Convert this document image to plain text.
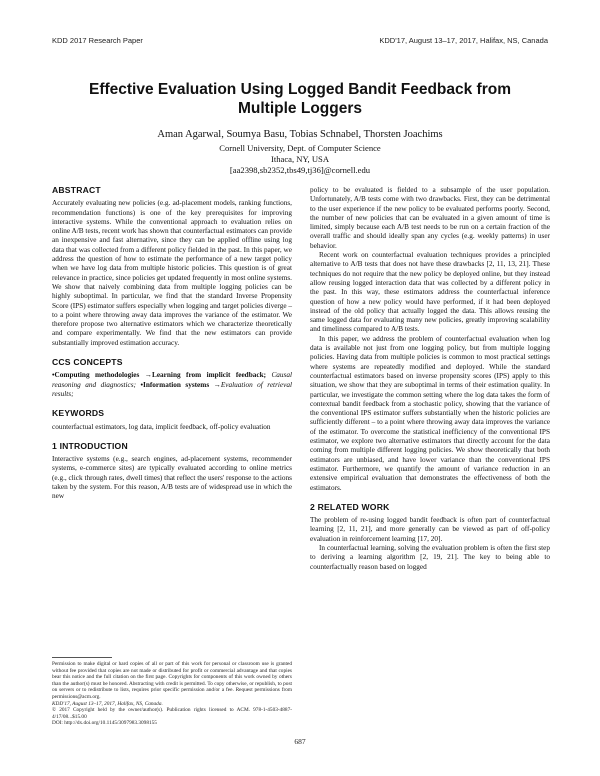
KDD 2017 Research Paper	KDD'17, August 13–17, 2017, Halifax, NS, Canada
Effective Evaluation Using Logged Bandit Feedback from Multiple Loggers
Aman Agarwal, Soumya Basu, Tobias Schnabel, Thorsten Joachims
Cornell University, Dept. of Computer Science
Ithaca, NY, USA
[aa2398,sb2352,tbs49,tj36]@cornell.edu
ABSTRACT

Accurately evaluating new policies (e.g. ad-placement models, ranking functions, recommendation functions) is one of the key prerequisites for improving interactive systems. While the conventional approach to evaluation relies on online A/B tests, recent work has shown that counterfactual estimators can provide an inexpensive and fast alternative, since they can be applied offline using log data that was collected from a different policy fielded in the past. In this paper, we address the question of how to estimate the performance of a new target policy when we have log data from multiple historic policies. This question is of great relevance in practice, since policies get updated frequently in most online systems. We show that naively combining data from multiple logging policies can be highly suboptimal. In particular, we find that the standard Inverse Propensity Score (IPS) estimator suffers especially when logging and target policies diverge – to a point where throwing away data improves the variance of the estimator. We therefore propose two alternative estimators which we characterize theoretically and compare experimentally. We find that the new estimators can provide substantially improved estimation accuracy.

CCS CONCEPTS

•Computing methodologies →Learning from implicit feedback; Causal reasoning and diagnostics; •Information systems →Evaluation of retrieval results;

KEYWORDS

counterfactual estimators, log data, implicit feedback, off-policy evaluation

1 INTRODUCTION

Interactive systems (e.g., search engines, ad-placement systems, recommender systems, e-commerce sites) are typically evaluated according to online metrics (e.g., click through rates, dwell times) that reflect the users' response to the actions taken by the system. For this reason, A/B tests are of widespread use in which the new

Permission to make digital or hard copies of all or part of this work for personal or classroom use is granted without fee provided that copies are not made or distributed for profit or commercial advantage and that copies bear this notice and the full citation on the first page. Copyrights for components of this work owned by others than the author(s) must be honored. Abstracting with credit is permitted. To copy otherwise, or republish, to post on servers or to redistribute to lists, requires prior specific permission and/or a fee. Request permissions from permissions@acm.org.

KDD'17, August 13–17, 2017, Halifax, NS, Canada.

© 2017 Copyright held by the owner/author(s). Publication rights licensed to ACM. 978-1-4503-4887-4/17/08...$15.00

DOI: http://dx.doi.org/10.1145/3097983.3098155

policy to be evaluated is fielded to a subsample of the user population. Unfortunately, A/B tests come with two drawbacks. First, they can be detrimental to the user experience if the new policy to be evaluated performs poorly. Second, the number of new policies that can be evaluated in a given amount of time is limited, simply because each A/B test needs to be run on a certain fraction of the overall traffic and should ideally span any cycles (e.g. weekly patterns) in user behavior.

Recent work on counterfactual evaluation techniques provides a principled alternative to A/B tests that does not have these drawbacks [2, 11, 13, 21]. These techniques do not require that the new policy be deployed online, but they instead allow reusing logged interaction data that was collected by a different policy in the past. In this way, these estimators address the counterfactual inference question of how a new policy would have performed, if it had been deployed instead of the old policy that actually logged the data. This allows reusing the same logged data for evaluating many new policies, greatly improving scalability and timeliness compared to A/B tests.

In this paper, we address the problem of counterfactual evaluation when log data is available not just from one logging policy, but from multiple logging policies. Having data from multiple policies is common to most practical settings where systems are repeatedly modified and deployed. While the standard counterfactual estimators based on inverse propensity scores (IPS) apply to this situation, we show that they are suboptimal in terms of their estimation quality. In particular, we investigate the common setting where the log data takes the form of contextual bandit feedback from a stochastic policy, showing that the variance of the conventional IPS estimator suffers substantially when the historic policies are sufficiently different – to a point where throwing away data improves the variance of the estimator. To overcome the statistical inefficiency of the conventional IPS estimator, we explore two alternative estimators that directly account for the data coming from multiple different logging policies. We show theoretically that both estimators are unbiased, and have lower variance than the conventional IPS estimator. Furthermore, we quantify the amount of variance reduction in an extensive empirical evaluation that demonstrates the effectiveness of both the estimators.

2 RELATED WORK

The problem of re-using logged bandit feedback is often part of counterfactual learning [2, 11, 21], and more generally can be viewed as part of off-policy evaluation in reinforcement learning [17, 20].

In counterfactual learning, solving the evaluation problem is often the first step to deriving a learning algorithm [2, 19, 21]. The key to being able to counterfactually reason based on logged

687
